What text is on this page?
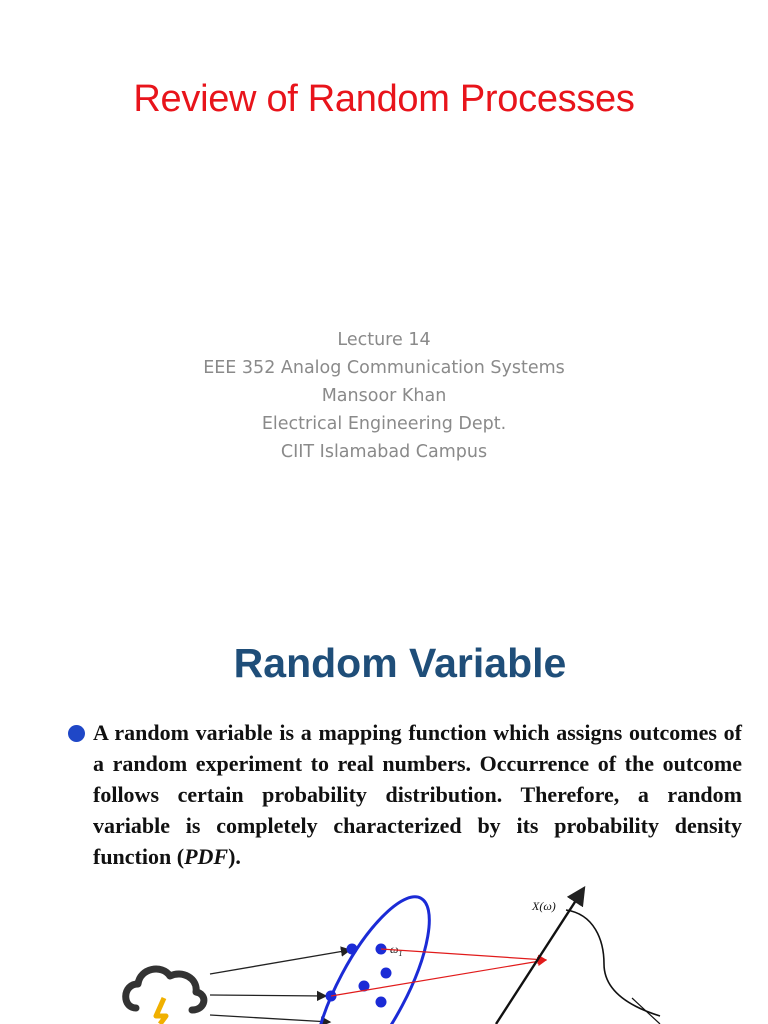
Review of Random Processes
Lecture 14
EEE 352 Analog Communication Systems
Mansoor Khan
Electrical Engineering Dept.
CIIT Islamabad Campus
Random Variable

A random variable is a mapping function which assigns outcomes of a random experiment to real numbers. Occurrence of the outcome follows certain probability distribution. Therefore, a random variable is completely characterized by its probability density function (PDF).

$\omega_1$
X(ω)
